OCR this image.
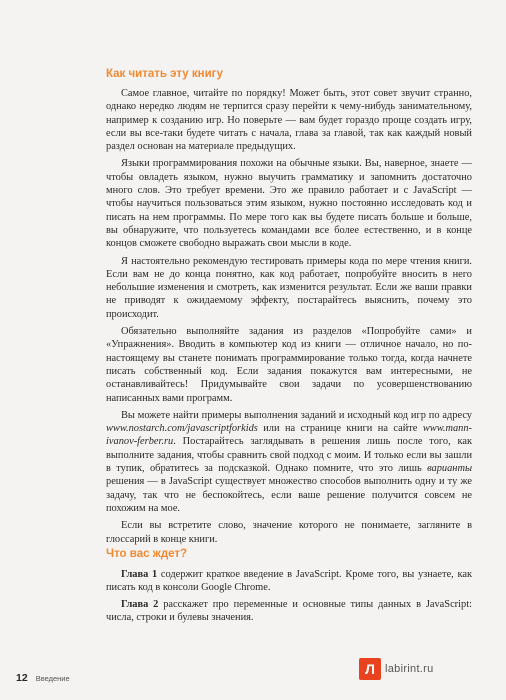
Как читать эту книгу

Самое главное, читайте по порядку! Может быть, этот совет звучит странно, однако нередко людям не терпится сразу перейти к чему-нибудь занимательному, например к созданию игр. Но поверьте — вам будет гораздо проще создать игру, если вы все-таки будете читать с начала, глава за главой, так как каждый новый раздел основан на материале предыдущих.

Языки программирования похожи на обычные языки. Вы, наверное, знаете — чтобы овладеть языком, нужно выучить грамматику и запомнить достаточно много слов. Это требует времени. Это же правило работает и с JavaScript — чтобы научиться пользоваться этим языком, нужно постоянно исследовать код и писать на нем программы. По мере того как вы будете писать больше и больше, вы обнаружите, что пользуетесь командами все более естественно, и в конце концов сможете свободно выражать свои мысли в коде.

Я настоятельно рекомендую тестировать примеры кода по мере чтения книги. Если вам не до конца понятно, как код работает, попробуйте вносить в него небольшие изменения и смотреть, как изменится результат. Если же ваши правки не приводят к ожидаемому эффекту, постарайтесь выяснить, почему это происходит.

Обязательно выполняйте задания из разделов «Попробуйте сами» и «Упражнения». Вводить в компьютер код из книги — отличное начало, но по-настоящему вы станете понимать программирование только тогда, когда начнете писать собственный код. Если задания покажутся вам интересными, не останавливайтесь! Придумывайте свои задачи по усовершенствованию написанных вами программ.

Вы можете найти примеры выполнения заданий и исходный код игр по адресу www.nostarch.com/javascriptforkids или на странице книги на сайте www.mann-ivanov-ferber.ru. Постарайтесь заглядывать в решения лишь после того, как выполните задания, чтобы сравнить свой подход с моим. И только если вы зашли в тупик, обратитесь за подсказкой. Однако помните, что это лишь варианты решения — в JavaScript существует множество способов выполнить одну и ту же задачу, так что не беспокойтесь, если ваше решение получится совсем не похожим на мое.

Если вы встретите слово, значение которого не понимаете, загляните в глоссарий в конце книги.

Что вас ждет?

Глава 1 содержит краткое введение в JavaScript. Кроме того, вы узнаете, как писать код в консоли Google Chrome.

Глава 2 расскажет про переменные и основные типы данных в JavaScript: числа, строки и булевы значения.

12 Введение
Л labirint.ru
